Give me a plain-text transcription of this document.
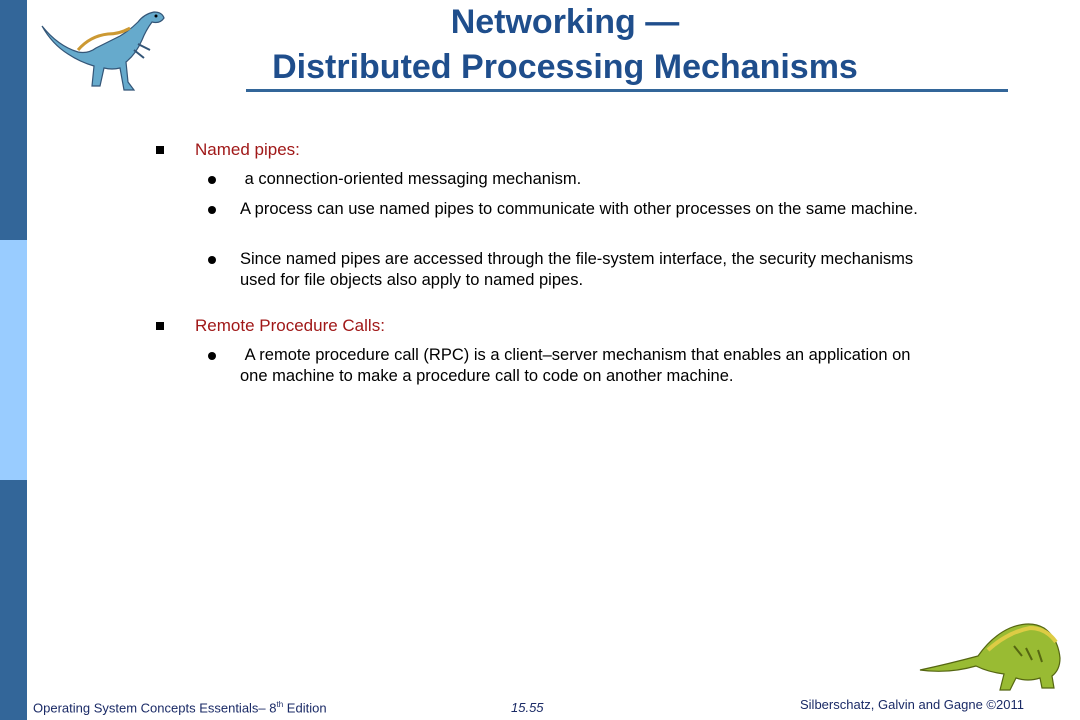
Networking —
Distributed Processing Mechanisms
Named pipes:
a connection-oriented messaging mechanism.
A process can use named pipes to communicate with other processes on the same machine.
Since named pipes are accessed through the file-system interface, the security mechanisms used for file objects also apply to named pipes.
Remote Procedure Calls:
A remote procedure call (RPC) is a client–server mechanism that enables an application on one machine to make a procedure call to code on another machine.
Operating System Concepts Essentials– 8th Edition	15.55	Silberschatz, Galvin and Gagne ©2011
